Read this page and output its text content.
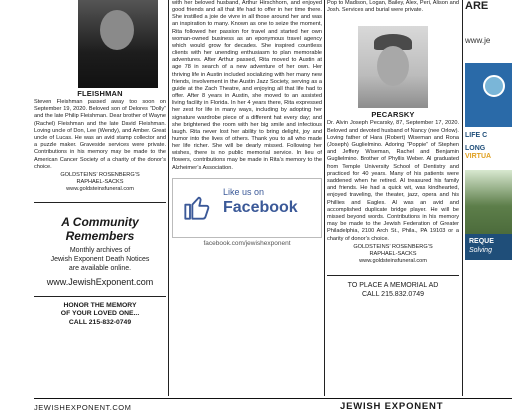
FLEISHMAN
Steven Fleishman passed away too soon on September 19, 2020. Beloved son of Delores “Dolly” and the late Philip Fleishman. Dear brother of Wayne (Rachel) Fleishman and the late David Fleishman. Loving uncle of Don, Lee (Wendy), and Amber. Great uncle of Lucas. He was an avid stamp collector and a puzzle maker. Graveside services were private. Contributions in his memory may be made to the American Cancer Society of a charity of the donor’s choice.
GOLDSTEINS’ ROSENBERG’S
RAPHAEL-SACKS
www.goldsteinsfuneral.com
A Community
Remembers
Monthly archives of
Jewish Exponent Death Notices
are available online.
www.JewishExponent.com
HONOR THE MEMORY
OF YOUR LOVED ONE...
CALL 215-832-0749
with her beloved husband, Arthur Hirschhorn, and enjoyed good friends and all that life had to offer in her time there. She instilled a joie de vivre in all those around her and was an inspiration to many. Known as one to seize the moment, Rita followed her passion for travel and started her own woman-owned business as an eponymous travel agency which would grow for decades. She inspired countless clients with her unending enthusiasm to plan memorable adventures. After Arthur passed, Rita moved to Austin at age 78 in search of a new adventure of her own. Her thriving life in Austin included socializing with her many new friends, involvement in the Austin Jazz Society, serving as a guide at the Zach Theatre, and enjoying all that life had to offer. After 8 years in Austin, she moved to an assisted living facility in Florida. In her 4 years there, Rita expressed her zest for life in many ways, including by adopting her signature wardrobe piece of a different hat every day; and she brightened the room with her big smile and infectious laugh. Rita never lost her ability to bring delight, joy and humor into the lives of others. Thank you to all who made her life richer. She will be dearly missed. Following her wishes, there is no public memorial service. In lieu of flowers, contributions may be made in Rita’s memory to the Alzheimer’s Association.
Like us on
Facebook
facebook.com/jewishexponent
Pop to Madison, Logan, Bailey, Alex, Peri, Alison and Josh. Services and burial were private.
PECARSKY
Dr. Alvin Joseph Pecarsky, 87, September 17, 2020. Beloved and devoted husband of Nancy (nee Orlow). Loving father of Hara (Robert) Wiseman and Rona (Joseph) Guglielmino. Adoring “Poppie” of Stephen and Jeffery Wiseman, Rachel and Benjamin Guglielmino. Brother of Phyllis Weber. Al graduated from Temple University School of Dentistry and practiced for 40 years. Many of his patients were saddened when he retired. Al treasured his family and friends. He had a quick wit, was kindhearted, enjoyed traveling, the theater, jazz, opera and his Phillies and Eagles. Al was an avid and accomplished duplicate bridge player. He will be missed beyond words. Contributions in his memory may be made to the Jewish Federation of Greater Philadelphia, 2100 Arch St., Phila., PA 19103 or a charity of donor’s choice.
GOLDSTEINS’ ROSENBERG’S
RAPHAEL-SACKS
www.goldsteinsfuneral.com
TO PLACE A MEMORIAL AD
CALL 215.832.0749
ARE
www.je
LIFE C
LONG
VIRTUA
REQUE
Solving
JEWISHEXPONENT.COM	JEWISH EXPONENT
